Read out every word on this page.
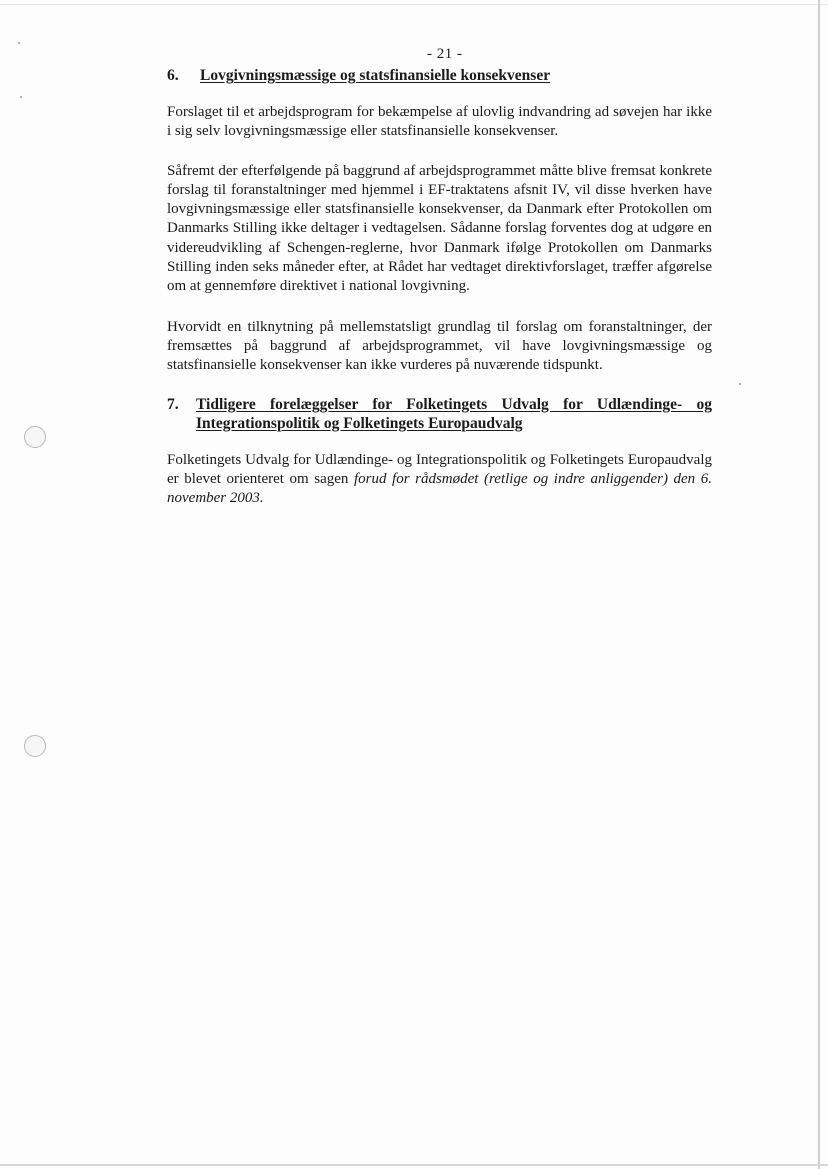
- 21 -
6.	Lovgivningsmæssige og statsfinansielle konsekvenser

Forslaget til et arbejdsprogram for bekæmpelse af ulovlig indvandring ad søvejen har ikke i sig selv lovgivningsmæssige eller statsfinansielle konsekvenser.

Såfremt der efterfølgende på baggrund af arbejdsprogrammet måtte blive fremsat konkrete forslag til foranstaltninger med hjemmel i EF-traktatens afsnit IV, vil disse hverken have lovgivningsmæssige eller statsfinansielle konsekvenser, da Danmark efter Protokollen om Danmarks Stilling ikke deltager i vedtagelsen. Sådanne forslag forventes dog at udgøre en videreudvikling af Schengen-reglerne, hvor Danmark ifølge Protokollen om Danmarks Stilling inden seks måneder efter, at Rådet har vedtaget direktivforslaget, træffer afgørelse om at gennemføre direktivet i national lovgivning.

Hvorvidt en tilknytning på mellemstatsligt grundlag til forslag om foranstaltninger, der fremsættes på baggrund af arbejdsprogrammet, vil have lovgivningsmæssige og statsfinansielle konsekvenser kan ikke vurderes på nuværende tidspunkt.

7.	Tidligere forelæggelser for Folketingets Udvalg for Udlændinge- og Integrationspolitik og Folketingets Europaudvalg

Folketingets Udvalg for Udlændinge- og Integrationspolitik og Folketingets Europaudvalg er blevet orienteret om sagen forud for rådsmødet (retlige og indre anliggender) den 6. november 2003.
